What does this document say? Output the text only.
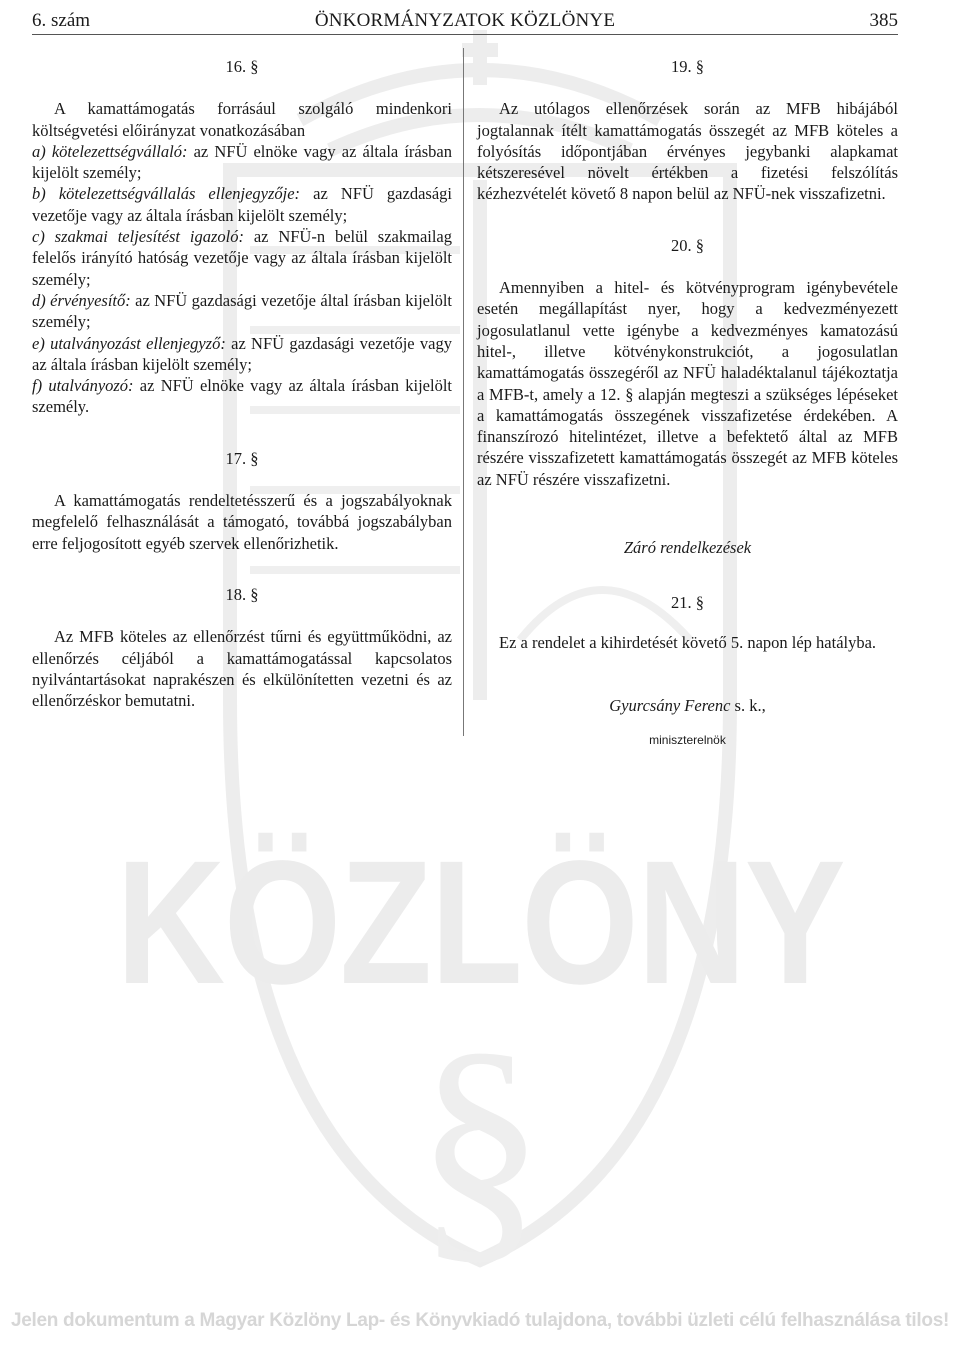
§
KÖZLÖNY
6. szám	ÖNKORMÁNYZATOK KÖZLÖNYE	385

16. §

A kamattámogatás forrásául szolgáló mindenkori költségvetési előirányzat vonatkozásában

a) kötelezettségvállaló: az NFÜ elnöke vagy az általa írásban kijelölt személy;

b) kötelezettségvállalás ellenjegyzője: az NFÜ gazdasági vezetője vagy az általa írásban kijelölt személy;

c) szakmai teljesítést igazoló: az NFÜ-n belül szakmailag felelős irányító hatóság vezetője vagy az általa írásban kijelölt személy;

d) érvényesítő: az NFÜ gazdasági vezetője által írásban kijelölt személy;

e) utalványozást ellenjegyző: az NFÜ gazdasági vezetője vagy az általa írásban kijelölt személy;

f) utalványozó: az NFÜ elnöke vagy az általa írásban kijelölt személy.

17. §

A kamattámogatás rendeltetésszerű és a jogszabályoknak megfelelő felhasználását a támogató, továbbá jogszabályban erre feljogosított egyéb szervek ellenőrizhetik.

18. §

Az MFB köteles az ellenőrzést tűrni és együttműködni, az ellenőrzés céljából a kamattámogatással kapcsolatos nyilvántartásokat naprakészen és elkülönítetten vezetni és az ellenőrzéskor bemutatni.

19. §

Az utólagos ellenőrzések során az MFB hibájából jogtalannak ítélt kamattámogatás összegét az MFB köteles a folyósítás időpontjában érvényes jegybanki alapkamat kétszeresével növelt értékben a fizetési felszólítás kézhezvételét követő 8 napon belül az NFÜ-nek visszafizetni.

20. §

Amennyiben a hitel- és kötvényprogram igénybevétele esetén megállapítást nyer, hogy a kedvezményezett jogosulatlanul vette igénybe a kedvezményes kamatozású hitel-, illetve kötvénykonstrukciót, a jogosulatlan kamattámogatás összegéről az NFÜ haladéktalanul tájékoztatja a MFB-t, amely a 12. § alapján megteszi a szükséges lépéseket a kamattámogatás összegének visszafizetése érdekében. A finanszírozó hitelintézet, illetve a befektető által az MFB részére visszafizetett kamattámogatás összegét az MFB köteles az NFÜ részére visszafizetni.

Záró rendelkezések

21. §

Ez a rendelet a kihirdetését követő 5. napon lép hatályba.

Gyurcsány Ferenc s. k.,

miniszterelnök

Jelen dokumentum a Magyar Közlöny Lap- és Könyvkiadó tulajdona, további üzleti célú felhasználása tilos!
